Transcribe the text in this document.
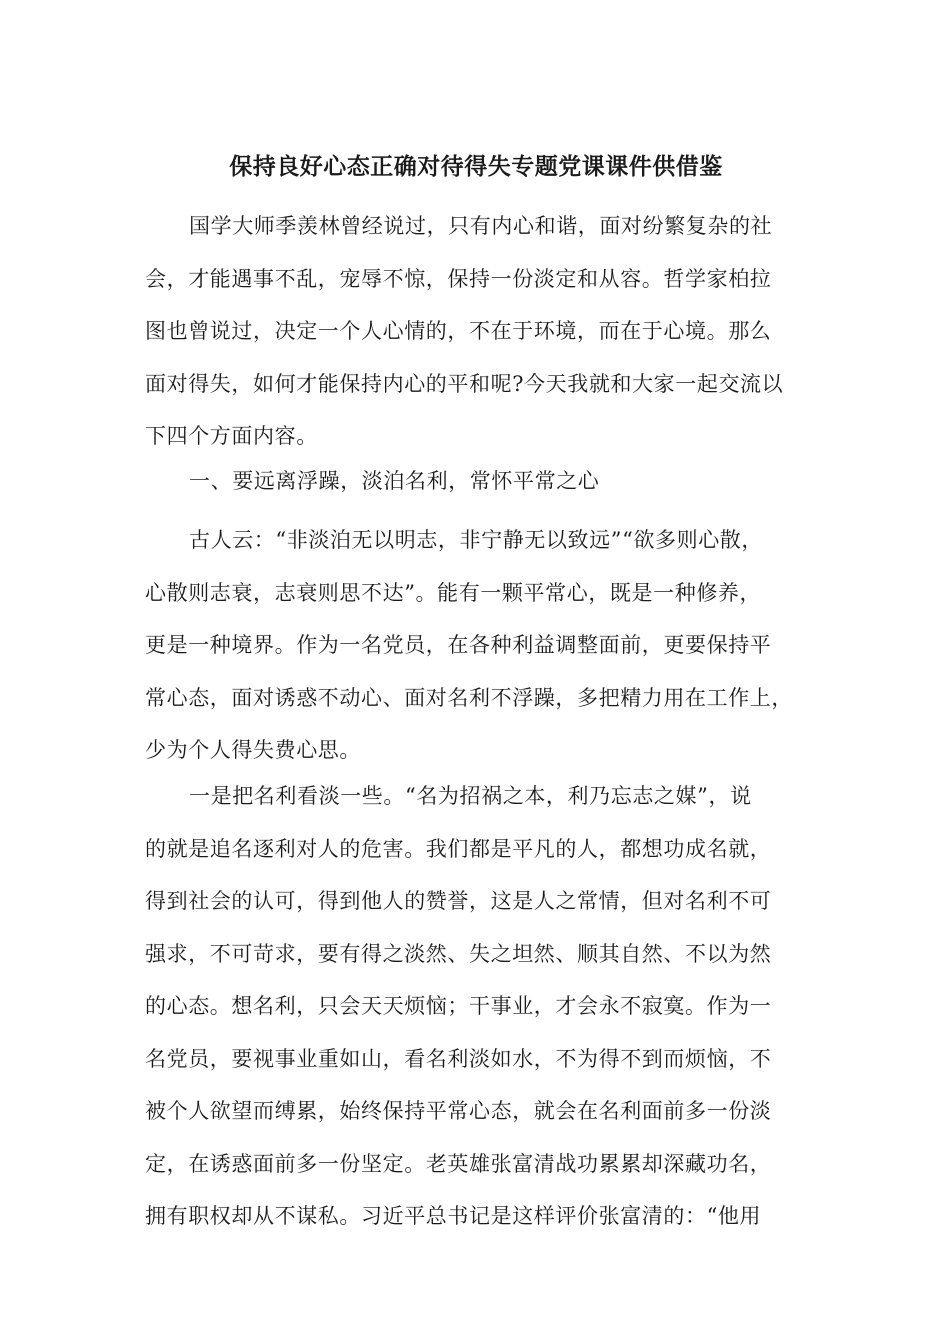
保持良好心态正确对待得失专题党课课件供借鉴
国学大师季羡林曾经说过，只有内心和谐，面对纷繁复杂的社
会，才能遇事不乱，宠辱不惊，保持一份淡定和从容。哲学家柏拉
图也曾说过，决定一个人心情的，不在于环境，而在于心境。那么
面对得失，如何才能保持内心的平和呢?今天我就和大家一起交流以
下四个方面内容。
一、要远离浮躁，淡泊名利，常怀平常之心
古人云：“非淡泊无以明志，非宁静无以致远”“欲多则心散，
心散则志衰，志衰则思不达”。能有一颗平常心，既是一种修养，
更是一种境界。作为一名党员，在各种利益调整面前，更要保持平
常心态，面对诱惑不动心、面对名利不浮躁，多把精力用在工作上，
少为个人得失费心思。
一是把名利看淡一些。“名为招祸之本，利乃忘志之媒”，说
的就是追名逐利对人的危害。我们都是平凡的人，都想功成名就，
得到社会的认可，得到他人的赞誉，这是人之常情，但对名利不可
强求，不可苛求，要有得之淡然、失之坦然、顺其自然、不以为然
的心态。想名利，只会天天烦恼；干事业，才会永不寂寞。作为一
名党员，要视事业重如山，看名利淡如水，不为得不到而烦恼，不
被个人欲望而缚累，始终保持平常心态，就会在名利面前多一份淡
定，在诱惑面前多一份坚定。老英雄张富清战功累累却深藏功名，
拥有职权却从不谋私。习近平总书记是这样评价张富清的：“他用
